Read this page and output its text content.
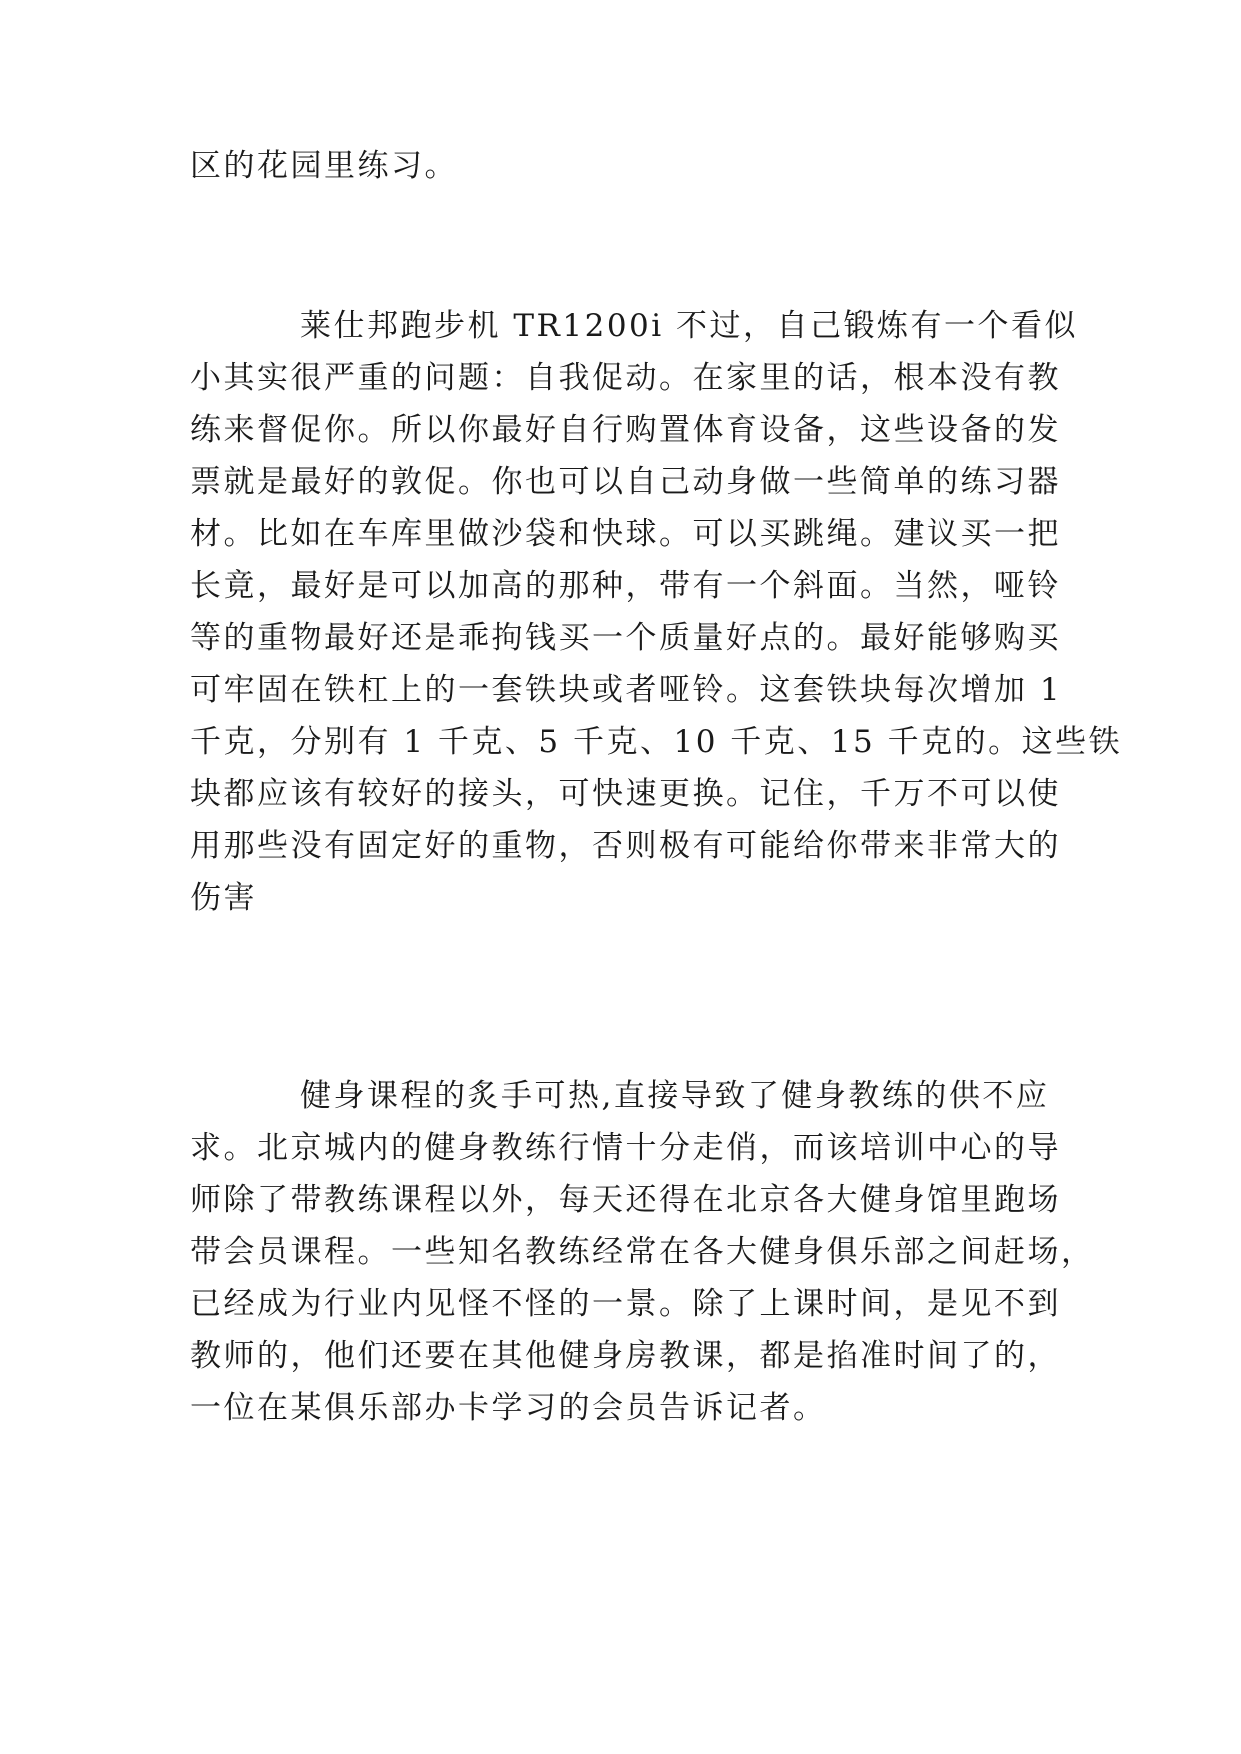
区的花园里练习。
莱仕邦跑步机 TR1200i 不过，自己锻炼有一个看似
小其实很严重的问题：自我促动。在家里的话，根本没有教
练来督促你。所以你最好自行购置体育设备，这些设备的发
票就是最好的敦促。你也可以自己动身做一些简单的练习器
材。比如在车库里做沙袋和快球。可以买跳绳。建议买一把
长竟，最好是可以加高的那种，带有一个斜面。当然，哑铃
等的重物最好还是乖拘钱买一个质量好点的。最好能够购买
可牢固在铁杠上的一套铁块或者哑铃。这套铁块每次增加 1
千克，分别有 1 千克、5 千克、10 千克、15 千克的。这些铁
块都应该有较好的接头，可快速更换。记住，千万不可以使
用那些没有固定好的重物，否则极有可能给你带来非常大的
伤害
健身课程的炙手可热,直接导致了健身教练的供不应
求。北京城内的健身教练行情十分走俏，而该培训中心的导
师除了带教练课程以外，每天还得在北京各大健身馆里跑场
带会员课程。一些知名教练经常在各大健身俱乐部之间赶场，
已经成为行业内见怪不怪的一景。除了上课时间，是见不到
教师的，他们还要在其他健身房教课，都是掐准时间了的，
一位在某俱乐部办卡学习的会员告诉记者。
